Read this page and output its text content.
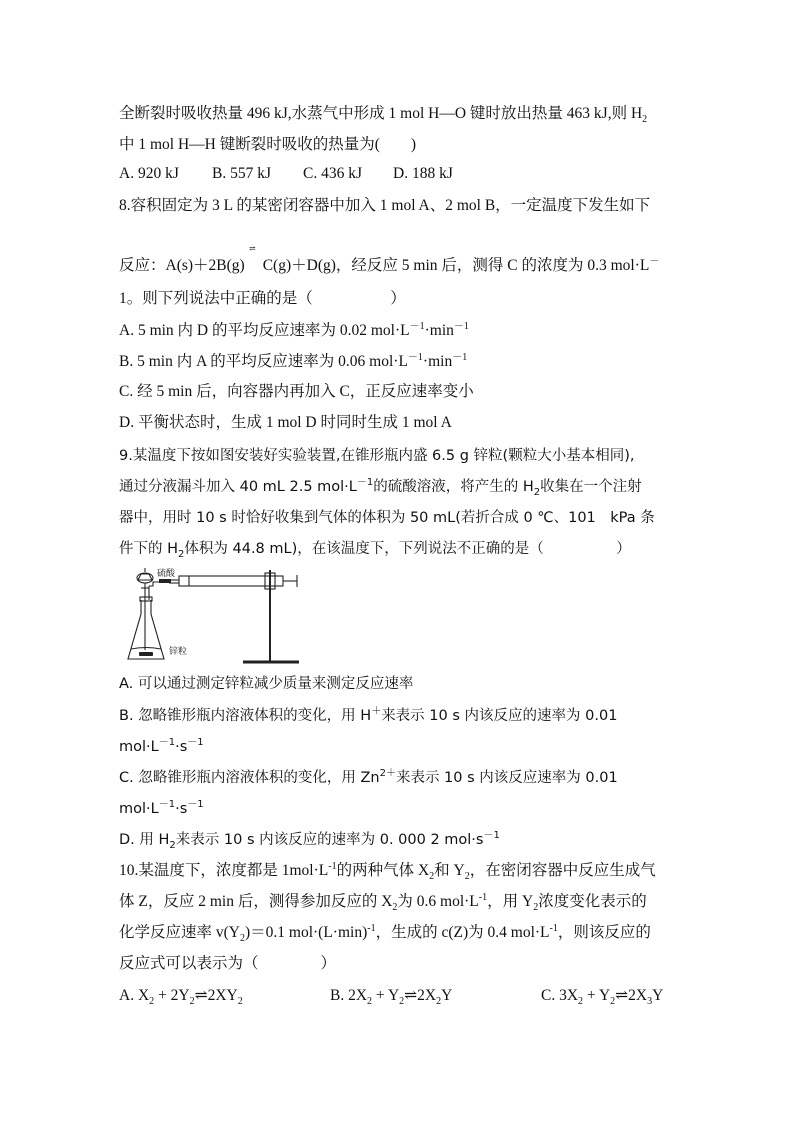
全断裂时吸收热量 496 kJ,水蒸气中形成 1 mol H—O 键时放出热量 463 kJ,则 $H_2$
中 1 mol H—H 键断裂时吸收的热量为(　　)
A. 920 kJ B. 557 kJ C. 436 kJ D. 188 kJ
8.容积固定为 3 L 的某密闭容器中加入 1 mol A、2 mol B，一定温度下发生如下
⇌
反应：A(s)＋2B(g) C(g)＋D(g)，经反应 5 min 后，测得 C 的浓度为 0.3 mol·L－
1。则下列说法中正确的是（　　　　　）
A. 5 min 内 D 的平均反应速率为 0.02 $mol\cdot L^{-1}\cdot\min^{-1}$
B. 5 min 内 A 的平均反应速率为 0.06 $mol\cdot L^{-1}\cdot\min^{-1}$
C. 经 5 min 后，向容器内再加入 C，正反应速率变小
D. 平衡状态时，生成 1 mol D 时同时生成 1 mol A
9.某温度下按如图安装好实验装置,在锥形瓶内盛 6.5 g 锌粒(颗粒大小基本相同),
通过分液漏斗加入 40 mL 2.5 $mol\cdot L^{-1}$的硫酸溶液，将产生的 $H_2$收集在一个注射
器中，用时 10 s 时恰好收集到气体的体积为 50 mL(若折合成 0 ℃、101　kPa 条
件下的 $H_2$体积为 44.8 mL)，在该温度下，下列说法不正确的是（　　　　　）
硫酸
锌粒
A. 可以通过测定锌粒减少质量来测定反应速率
B. 忽略锥形瓶内溶液体积的变化，用 H＋来表示 10 s 内该反应的速率为 0.01
$mol\cdot L^{-1}\cdot s^{-1}$
C. 忽略锥形瓶内溶液体积的变化，用 $Zn^{2+}$来表示 10 s 内该反应速率为 0.01
$mol\cdot L^{-1}\cdot s^{-1}$
D. 用 $H_2$来表示 10 s 内该反应的速率为 0. 000 2 $mol\cdot s^{-1}$
10.某温度下，浓度都是 $1mol\cdot L^{-1}$的两种气体 $X_2$和 $Y_2$，在密闭容器中反应生成气
体 Z，反应 2 min 后，测得参加反应的 $X_2$为 0.6 $mol\cdot L^{-1}$，用 $Y_2$浓度变化表示的
化学反应速率 $v(Y_2)=0.1$ $mol\cdot(L\cdot\min)^{-1}$，生成的 c(Z)为 0.4 $mol\cdot L^{-1}$，则该反应的
反应式可以表示为（　　　　）
A. $X_2$ + $2Y_2\rightleftharpoons 2XY_2$	B. $2X_2$ + $Y_2\rightleftharpoons 2X_2Y$	C. $3X_2$ + $Y_2\rightleftharpoons 2X_3Y$
